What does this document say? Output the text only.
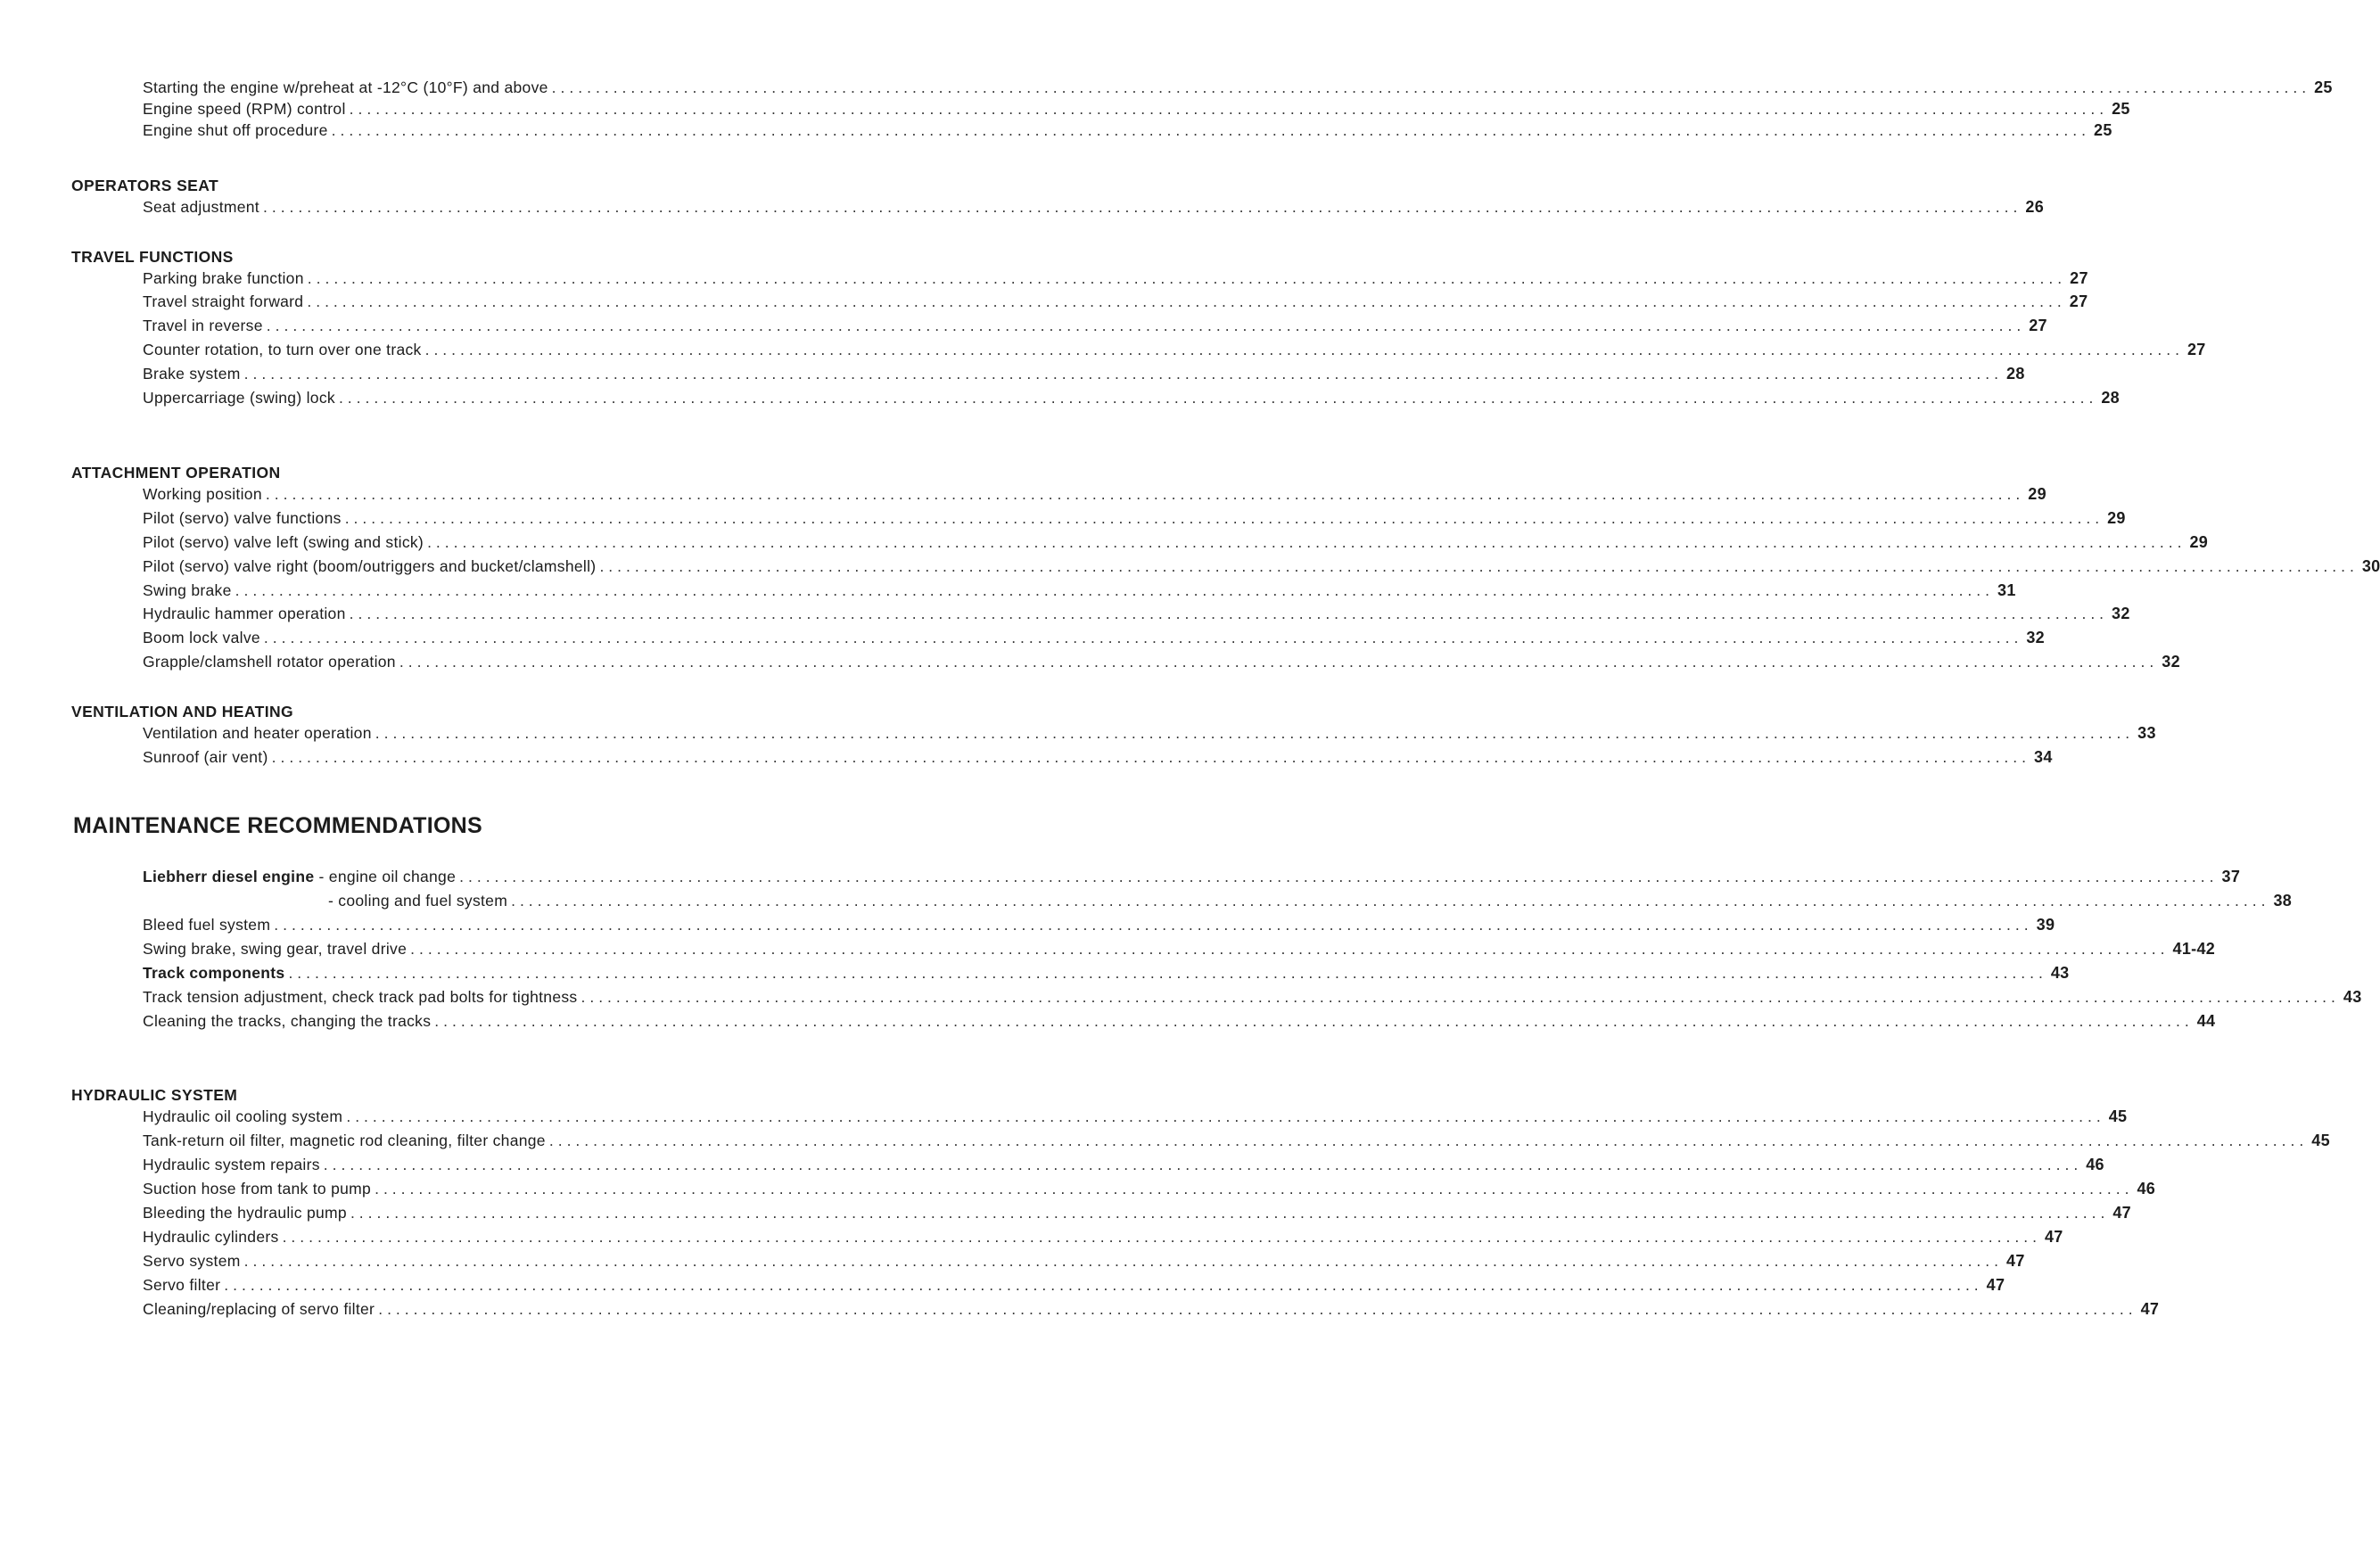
Starting the engine w/preheat at -12°C (10°F) and above ........................................................................................................................................................................................................ 25
Engine speed (RPM) control ........................................................................................................................................................................................................ 25
Engine shut off procedure ........................................................................................................................................................................................................ 25
OPERATORS SEAT
Seat adjustment ........................................................................................................................................................................................................ 26
TRAVEL FUNCTIONS
Parking brake function ........................................................................................................................................................................................................ 27
Travel straight forward ........................................................................................................................................................................................................ 27
Travel in reverse ........................................................................................................................................................................................................ 27
Counter rotation, to turn over one track ........................................................................................................................................................................................................ 27
Brake system ........................................................................................................................................................................................................ 28
Uppercarriage (swing) lock ........................................................................................................................................................................................................ 28
ATTACHMENT OPERATION
Working position ........................................................................................................................................................................................................ 29
Pilot (servo) valve functions ........................................................................................................................................................................................................ 29
Pilot (servo) valve left (swing and stick) ........................................................................................................................................................................................................ 29
Pilot (servo) valve right (boom/outriggers and bucket/clamshell) ........................................................................................................................................................................................................ 30
Swing brake ........................................................................................................................................................................................................ 31
Hydraulic hammer operation ........................................................................................................................................................................................................ 32
Boom lock valve ........................................................................................................................................................................................................ 32
Grapple/clamshell rotator operation ........................................................................................................................................................................................................ 32
VENTILATION AND HEATING
Ventilation and heater operation ........................................................................................................................................................................................................ 33
Sunroof (air vent) ........................................................................................................................................................................................................ 34
MAINTENANCE RECOMMENDATIONS
Liebherr diesel engine - engine oil change ........................................................................................................................................................................................................ 37
- cooling and fuel system ........................................................................................................................................................................................................ 38
Bleed fuel system ........................................................................................................................................................................................................ 39
Swing brake, swing gear, travel drive ........................................................................................................................................................................................................ 41-42
Track components ........................................................................................................................................................................................................ 43
Track tension adjustment, check track pad bolts for tightness ........................................................................................................................................................................................................ 43
Cleaning the tracks, changing the tracks ........................................................................................................................................................................................................ 44
HYDRAULIC SYSTEM
Hydraulic oil cooling system ........................................................................................................................................................................................................ 45
Tank-return oil filter, magnetic rod cleaning, filter change ........................................................................................................................................................................................................ 45
Hydraulic system repairs ........................................................................................................................................................................................................ 46
Suction hose from tank to pump ........................................................................................................................................................................................................ 46
Bleeding the hydraulic pump ........................................................................................................................................................................................................ 47
Hydraulic cylinders ........................................................................................................................................................................................................ 47
Servo system ........................................................................................................................................................................................................ 47
Servo filter ........................................................................................................................................................................................................ 47
Cleaning/replacing of servo filter ........................................................................................................................................................................................................ 47
